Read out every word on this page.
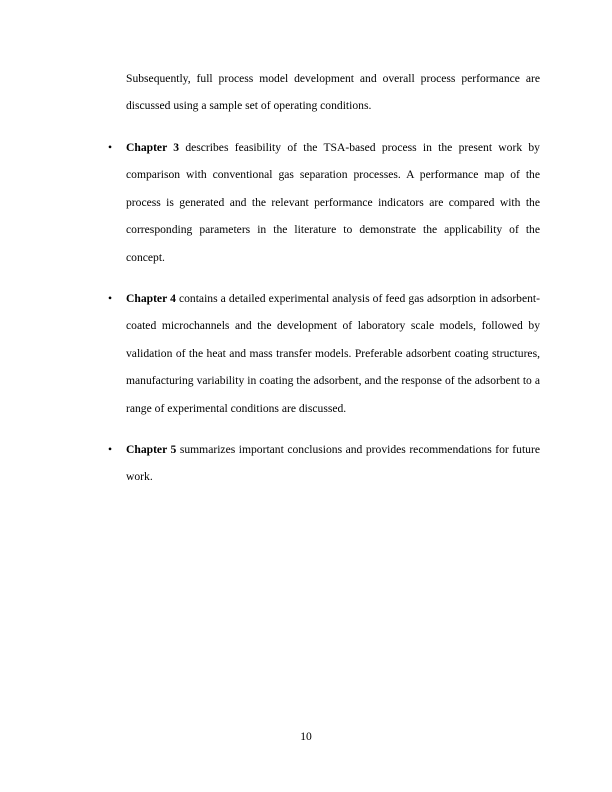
Subsequently, full process model development and overall process performance are discussed using a sample set of operating conditions.

•	Chapter 3 describes feasibility of the TSA-based process in the present work by comparison with conventional gas separation processes. A performance map of the process is generated and the relevant performance indicators are compared with the corresponding parameters in the literature to demonstrate the applicability of the concept.

•	Chapter 4 contains a detailed experimental analysis of feed gas adsorption in adsorbent-coated microchannels and the development of laboratory scale models, followed by validation of the heat and mass transfer models. Preferable adsorbent coating structures, manufacturing variability in coating the adsorbent, and the response of the adsorbent to a range of experimental conditions are discussed.

•	Chapter 5 summarizes important conclusions and provides recommendations for future work.

10
